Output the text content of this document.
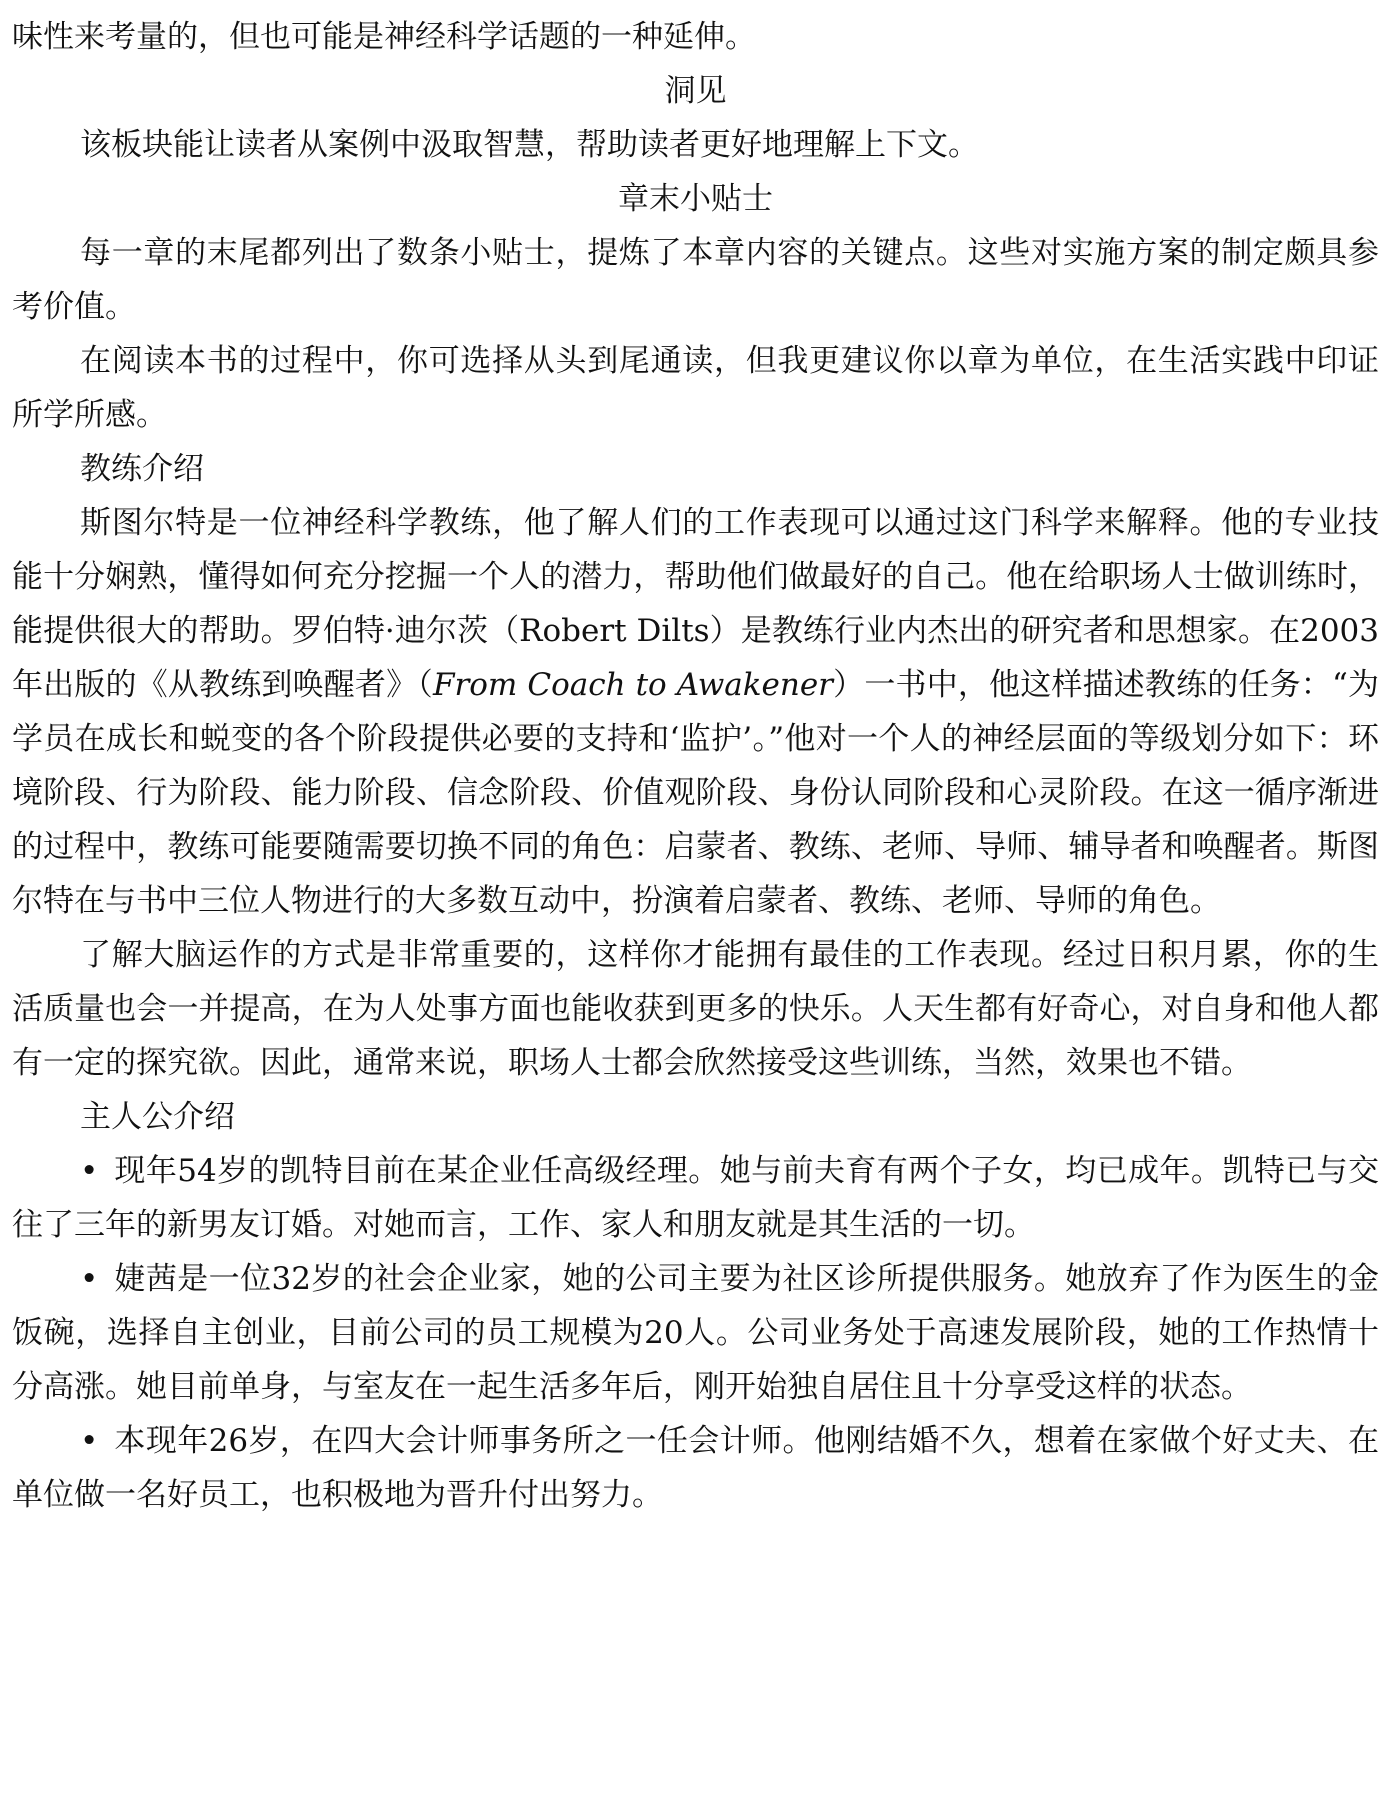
味性来考量的，但也可能是神经科学话题的一种延伸。

洞见

该板块能让读者从案例中汲取智慧，帮助读者更好地理解上下文。

章末小贴士

每一章的末尾都列出了数条小贴士，提炼了本章内容的关键点。这些对实施方案的制定颇具参考价值。

在阅读本书的过程中，你可选择从头到尾通读，但我更建议你以章为单位，在生活实践中印证所学所感。

教练介绍

斯图尔特是一位神经科学教练，他了解人们的工作表现可以通过这门科学来解释。他的专业技能十分娴熟，懂得如何充分挖掘一个人的潜力，帮助他们做最好的自己。他在给职场人士做训练时，能提供很大的帮助。罗伯特·迪尔茨（Robert Dilts）是教练行业内杰出的研究者和思想家。在2003年出版的《从教练到唤醒者》（From Coach to Awakener）一书中，他这样描述教练的任务：“为学员在成长和蜕变的各个阶段提供必要的支持和‘监护’。”他对一个人的神经层面的等级划分如下：环境阶段、行为阶段、能力阶段、信念阶段、价值观阶段、身份认同阶段和心灵阶段。在这一循序渐进的过程中，教练可能要随需要切换不同的角色：启蒙者、教练、老师、导师、辅导者和唤醒者。斯图尔特在与书中三位人物进行的大多数互动中，扮演着启蒙者、教练、老师、导师的角色。

了解大脑运作的方式是非常重要的，这样你才能拥有最佳的工作表现。经过日积月累，你的生活质量也会一并提高，在为人处事方面也能收获到更多的快乐。人天生都有好奇心，对自身和他人都有一定的探究欲。因此，通常来说，职场人士都会欣然接受这些训练，当然，效果也不错。

主人公介绍

• 现年54岁的凯特目前在某企业任高级经理。她与前夫育有两个子女，均已成年。凯特已与交往了三年的新男友订婚。对她而言，工作、家人和朋友就是其生活的一切。

• 婕茜是一位32岁的社会企业家，她的公司主要为社区诊所提供服务。她放弃了作为医生的金饭碗，选择自主创业，目前公司的员工规模为20人。公司业务处于高速发展阶段，她的工作热情十分高涨。她目前单身，与室友在一起生活多年后，刚开始独自居住且十分享受这样的状态。

• 本现年26岁，在四大会计师事务所之一任会计师。他刚结婚不久，想着在家做个好丈夫、在单位做一名好员工，也积极地为晋升付出努力。
